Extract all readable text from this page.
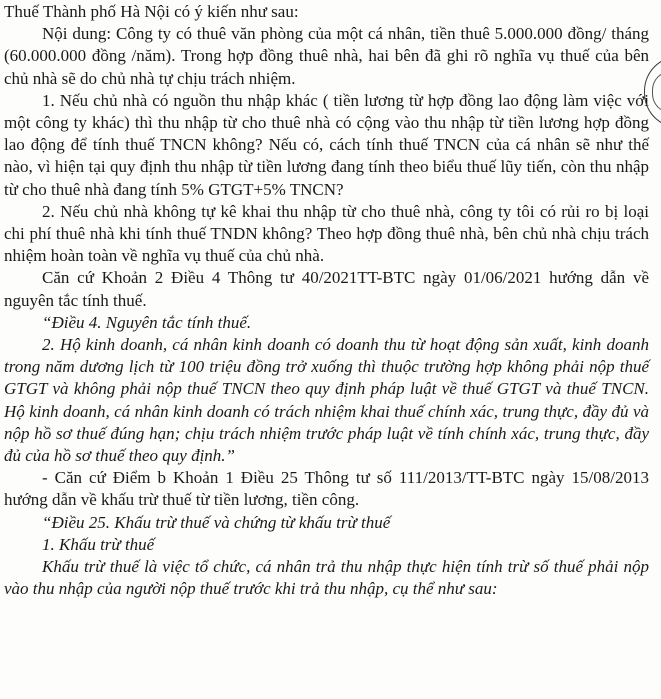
Thuế Thành phố Hà Nội có ý kiến như sau:

Nội dung: Công ty có thuê văn phòng của một cá nhân, tiền thuê 5.000.000 đồng/ tháng (60.000.000 đồng /năm). Trong hợp đồng thuê nhà, hai bên đã ghi rõ nghĩa vụ thuế của bên chủ nhà sẽ do chủ nhà tự chịu trách nhiệm.

1. Nếu chủ nhà có nguồn thu nhập khác ( tiền lương từ hợp đồng lao động làm việc với một công ty khác) thì thu nhập từ cho thuê nhà có cộng vào thu nhập từ tiền lương hợp đồng lao động để tính thuế TNCN không? Nếu có, cách tính thuế TNCN của cá nhân sẽ như thế nào, vì hiện tại quy định thu nhập từ tiền lương đang tính theo biểu thuế lũy tiến, còn thu nhập từ cho thuê nhà đang tính 5% GTGT+5% TNCN?

2. Nếu chủ nhà không tự kê khai thu nhập từ cho thuê nhà, công ty tôi có rủi ro bị loại chi phí thuê nhà khi tính thuế TNDN không? Theo hợp đồng thuê nhà, bên chủ nhà chịu trách nhiệm hoàn toàn về nghĩa vụ thuế của chủ nhà.

Căn cứ Khoản 2 Điều 4 Thông tư 40/2021TT-BTC ngày 01/06/2021 hướng dẫn về nguyên tắc tính thuế.

“Điều 4. Nguyên tắc tính thuế.

2. Hộ kinh doanh, cá nhân kinh doanh có doanh thu từ hoạt động sản xuất, kinh doanh trong năm dương lịch từ 100 triệu đồng trở xuống thì thuộc trường hợp không phải nộp thuế GTGT và không phải nộp thuế TNCN theo quy định pháp luật về thuế GTGT và thuế TNCN. Hộ kinh doanh, cá nhân kinh doanh có trách nhiệm khai thuế chính xác, trung thực, đầy đủ và nộp hồ sơ thuế đúng hạn; chịu trách nhiệm trước pháp luật về tính chính xác, trung thực, đầy đủ của hồ sơ thuế theo quy định.”

- Căn cứ Điểm b Khoản 1 Điều 25 Thông tư số 111/2013/TT-BTC ngày 15/08/2013 hướng dẫn về khấu trừ thuế từ tiền lương, tiền công.

“Điều 25. Khấu trừ thuế và chứng từ khấu trừ thuế

1. Khấu trừ thuế

Khấu trừ thuế là việc tổ chức, cá nhân trả thu nhập thực hiện tính trừ số thuế phải nộp vào thu nhập của người nộp thuế trước khi trả thu nhập, cụ thể như sau:
